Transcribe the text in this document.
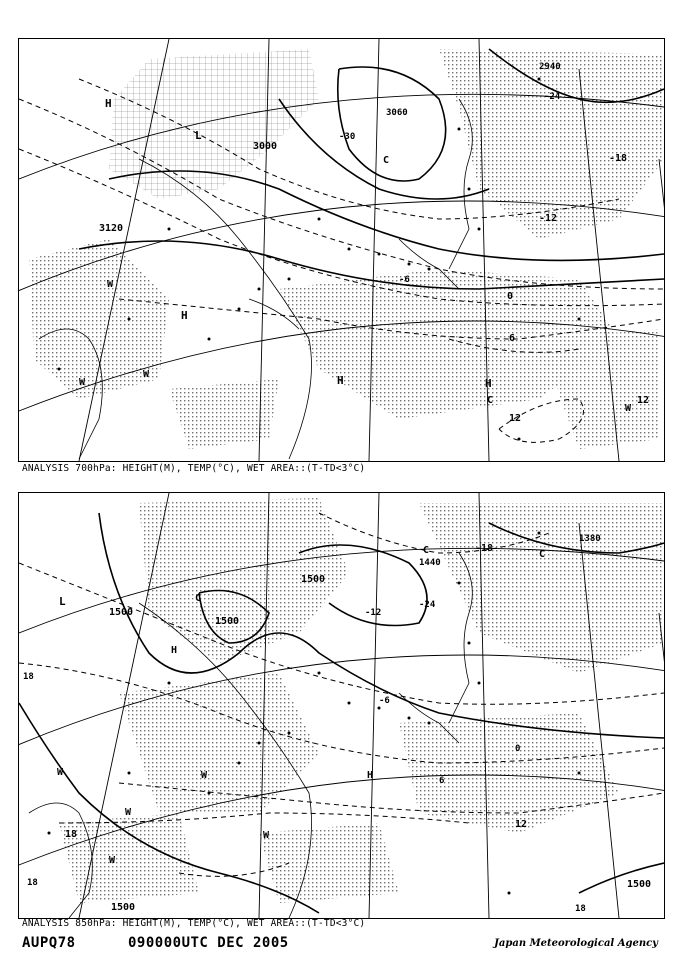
3000
3120
3060
2940
-12
-18
-24
-30
-6
0
6
12
12
H
L
H
W
W
W	H	H
C
W
C
ANALYSIS 700hPa: HEIGHT(M), TEMP(°C), WET AREA::(T-TD<3°C)
1500
1500
1500
1500
1500
1440
1380
-18
-12
-6
0
6
12
18
18
18
18
-24
L	C
H
W
W
W
W
W
C
H
C
ANALYSIS 850hPa: HEIGHT(M), TEMP(°C), WET AREA::(T-TD<3°C)
AUPQ78	090000UTC DEC 2005	Japan Meteorological Agency
